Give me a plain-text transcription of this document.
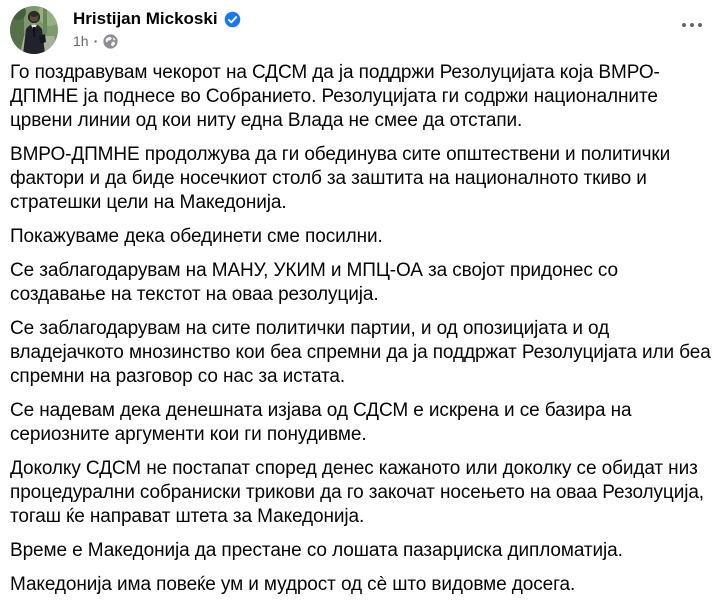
Hristijan Mickoski
1h ·

Го поздравувам чекорот на СДСМ да ја поддржи Резолуцијата која ВМРО-ДПМНЕ ја поднесе во Собранието. Резолуцијата ги содржи националните црвени линии од кои ниту една Влада не смее да отстапи.

ВМРО-ДПМНЕ продолжува да ги обединува сите општествени и политички фактори и да биде носечкиот столб за заштита на националното ткиво и стратешки цели на Македонија.

Покажуваме дека обединети сме посилни.

Се заблагодарувам на МАНУ, УКИМ и МПЦ-ОА за својот придонес со создавање на текстот на оваа резолуција.

Се заблагодарувам на сите политички партии, и од опозицијата и од владејачкото мнозинство кои беа спремни да ја поддржат Резолуцијата или беа спремни на разговор со нас за истата.

Се надевам дека денешната изјава од СДСМ е искрена и се базира на сериозните аргументи кои ги понудивме.

Доколку СДСМ не постапат според денес кажаното или доколку се обидат низ процедурални собраниски трикови да го закочат носењето на оваа Резолуција, тогаш ќе направат штета за Македонија.

Време е Македонија да престане со лошата пазарџиска дипломатија.

Македонија има повеќе ум и мудрост од сè што видовме досега.
